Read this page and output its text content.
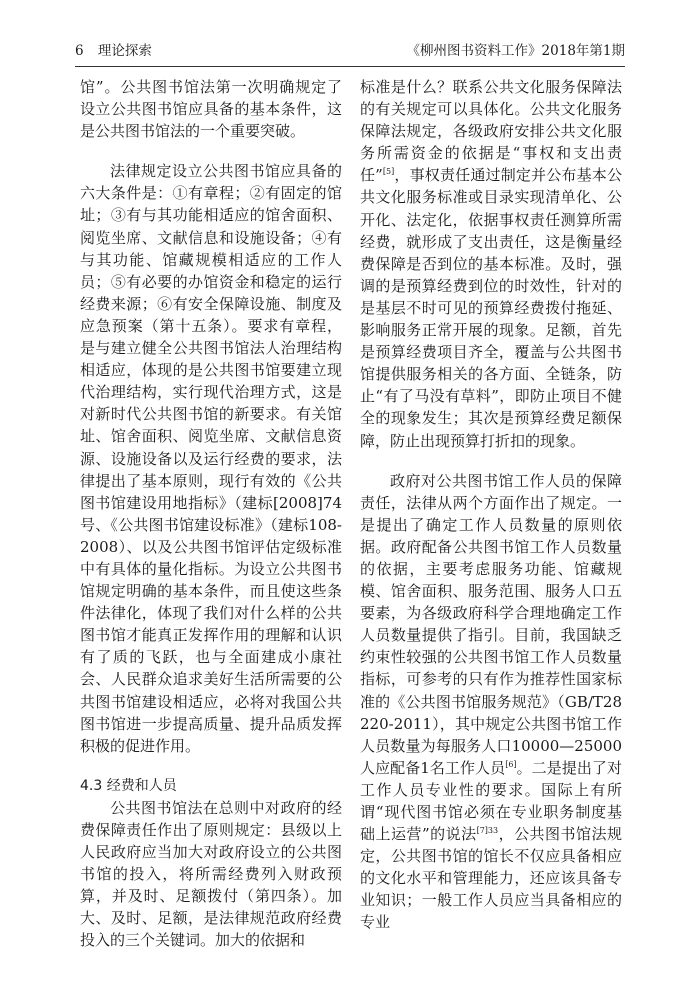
6 理论探索	《柳州图书资料工作》2018年第1期

馆”。公共图书馆法第一次明确规定了设立公共图书馆应具备的基本条件，这是公共图书馆法的一个重要突破。

法律规定设立公共图书馆应具备的六大条件是：①有章程；②有固定的馆址；③有与其功能相适应的馆舍面积、阅览坐席、文献信息和设施设备；④有与其功能、馆藏规模相适应的工作人员；⑤有必要的办馆资金和稳定的运行经费来源；⑥有安全保障设施、制度及应急预案（第十五条）。要求有章程，是与建立健全公共图书馆法人治理结构相适应，体现的是公共图书馆要建立现代治理结构，实行现代治理方式，这是对新时代公共图书馆的新要求。有关馆址、馆舍面积、阅览坐席、文献信息资源、设施设备以及运行经费的要求，法律提出了基本原则，现行有效的《公共图书馆建设用地指标》（建标[2008]74号、《公共图书馆建设标准》（建标108-2008）、以及公共图书馆评估定级标准中有具体的量化指标。为设立公共图书馆规定明确的基本条件，而且使这些条件法律化，体现了我们对什么样的公共图书馆才能真正发挥作用的理解和认识有了质的飞跃，也与全面建成小康社会、人民群众追求美好生活所需要的公共图书馆建设相适应，必将对我国公共图书馆进一步提高质量、提升品质发挥积极的促进作用。

4.3 经费和人员

公共图书馆法在总则中对政府的经费保障责任作出了原则规定：县级以上人民政府应当加大对政府设立的公共图书馆的投入，将所需经费列入财政预算，并及时、足额拨付（第四条）。加大、及时、足额，是法律规范政府经费投入的三个关键词。加大的依据和

标准是什么？联系公共文化服务保障法的有关规定可以具体化。公共文化服务保障法规定，各级政府安排公共文化服务所需资金的依据是“事权和支出责任”[5]，事权责任通过制定并公布基本公共文化服务标准或目录实现清单化、公开化、法定化，依据事权责任测算所需经费，就形成了支出责任，这是衡量经费保障是否到位的基本标准。及时，强调的是预算经费到位的时效性，针对的是基层不时可见的预算经费拨付拖延、影响服务正常开展的现象。足额，首先是预算经费项目齐全，覆盖与公共图书馆提供服务相关的各方面、全链条，防止“有了马没有草料”，即防止项目不健全的现象发生；其次是预算经费足额保障，防止出现预算打折扣的现象。

政府对公共图书馆工作人员的保障责任，法律从两个方面作出了规定。一是提出了确定工作人员数量的原则依据。政府配备公共图书馆工作人员数量的依据，主要考虑服务功能、馆藏规模、馆舍面积、服务范围、服务人口五要素，为各级政府科学合理地确定工作人员数量提供了指引。目前，我国缺乏约束性较强的公共图书馆工作人员数量指标，可参考的只有作为推荐性国家标准的《公共图书馆服务规范》（GB/T28220-2011），其中规定公共图书馆工作人员数量为每服务人口10000—25000人应配备1名工作人员[6]。二是提出了对工作人员专业性的要求。国际上有所谓“现代图书馆必须在专业职务制度基础上运营”的说法$^{[7]33}$，公共图书馆法规定，公共图书馆的馆长不仅应具备相应的文化水平和管理能力，还应该具备专业知识；一般工作人员应当具备相应的专业
